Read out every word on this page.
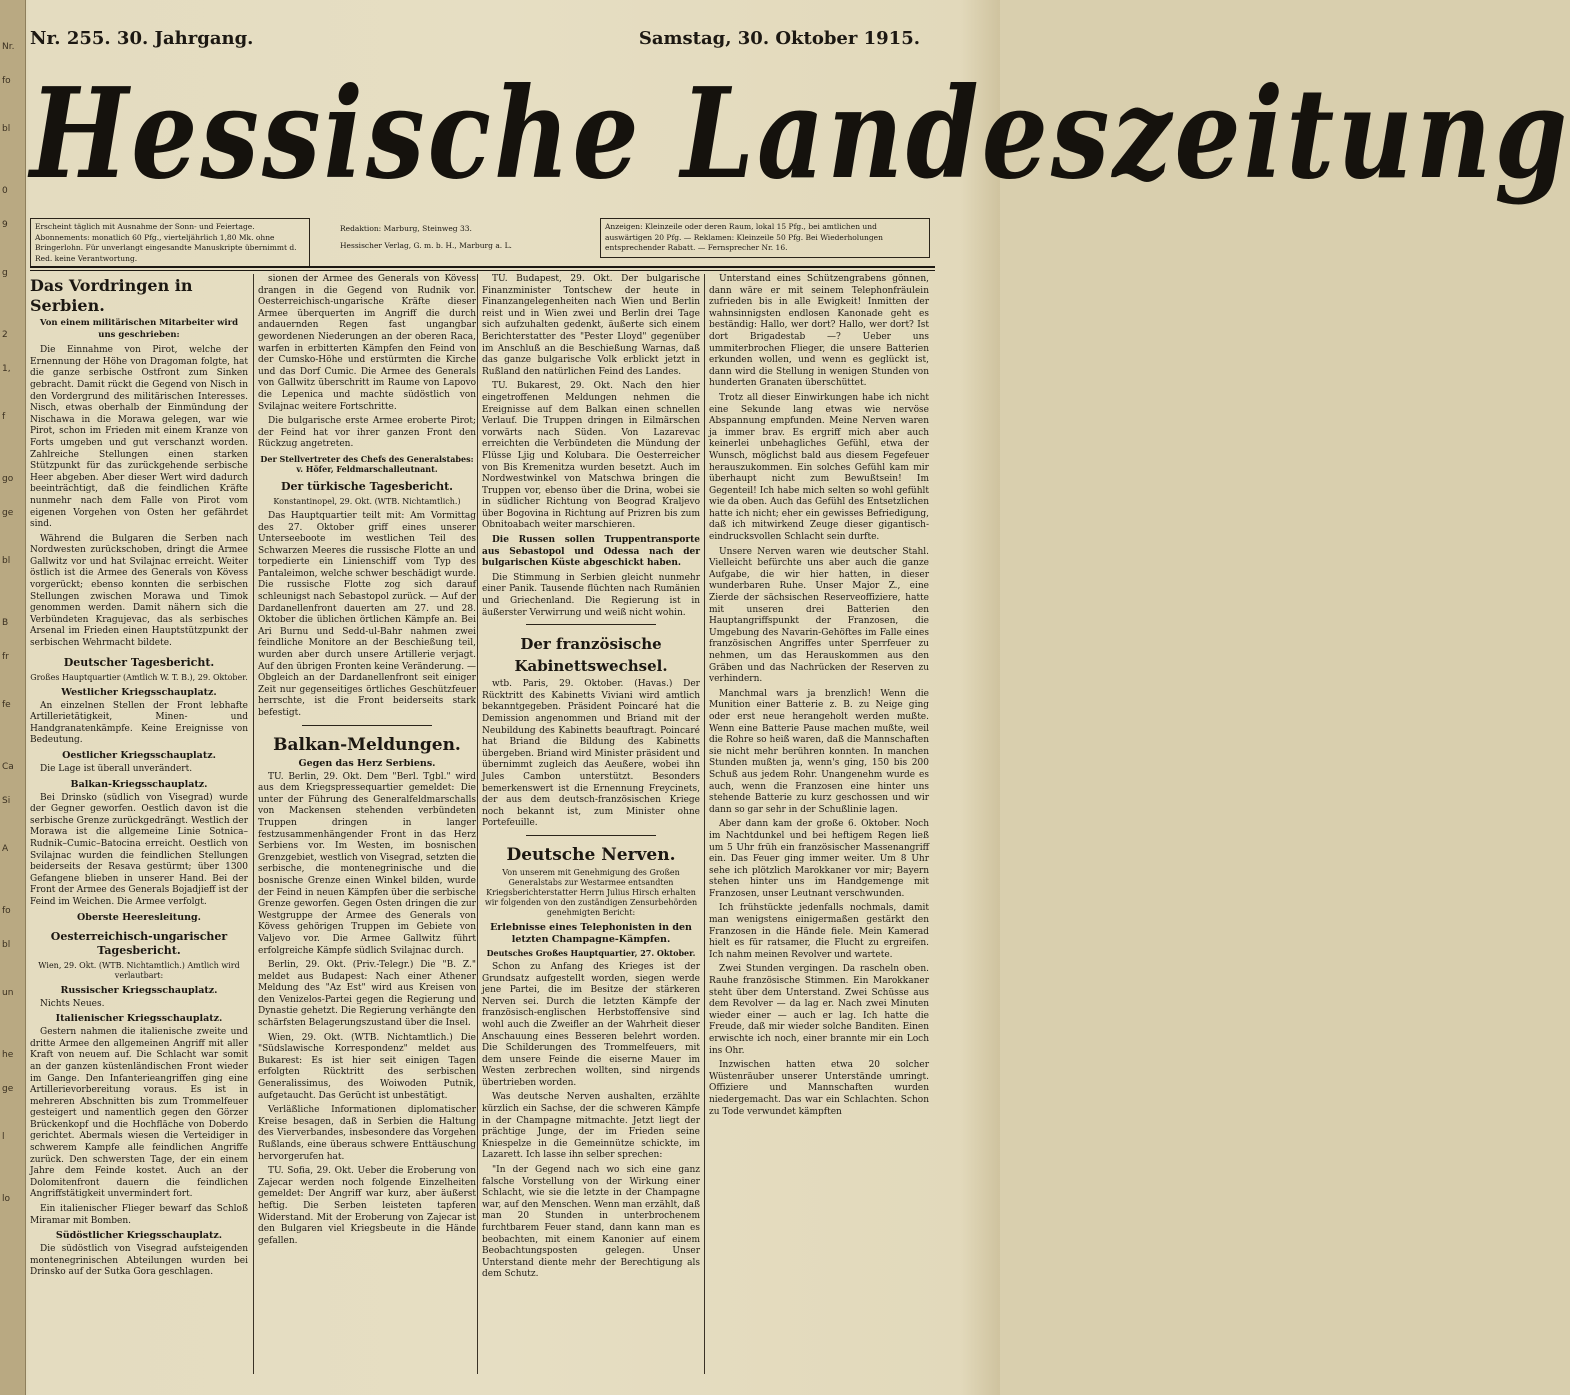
Nr.
fo
bl
0
9
g
2
1,
f
go
ge
bl
B
fr
fe
Ca
Si
A
fo
bl
un
he
ge
l
lo
Nr. 255. 30. Jahrgang.	Samstag, 30. Oktober 1915.
Hessische Landeszeitung
Erscheint täglich mit Ausnahme der Sonn- und Feiertage. Abonnements: monatlich 60 Pfg., vierteljährlich 1,80 Mk. ohne Bringerlohn. Für unverlangt eingesandte Manuskripte übernimmt d. Red. keine Verantwortung.
Redaktion: Marburg, Steinweg 33.
Hessischer Verlag, G. m. b. H., Marburg a. L.
Anzeigen: Kleinzeile oder deren Raum, lokal 15 Pfg., bei amtlichen und auswärtigen 20 Pfg. — Reklamen: Kleinzeile 50 Pfg. Bei Wiederholungen entsprechender Rabatt. — Fernsprecher Nr. 16.
Das Vordringen in Serbien.

Von einem militärischen Mitarbeiter wird uns geschrieben:

Die Einnahme von Pirot, welche der Ernennung der Höhe von Dragoman folgte, hat die ganze serbische Ostfront zum Sinken gebracht. Damit rückt die Gegend von Nisch in den Vordergrund des militärischen Interesses. Nisch, etwas oberhalb der Einmündung der Nischawa in die Morawa gelegen, war wie Pirot, schon im Frieden mit einem Kranze von Forts umgeben und gut verschanzt worden. Zahlreiche Stellungen einen starken Stützpunkt für das zurückgehende serbische Heer abgeben. Aber dieser Wert wird dadurch beeinträchtigt, daß die feindlichen Kräfte nunmehr nach dem Falle von Pirot vom eigenen Vorgehen von Osten her gefährdet sind.

Während die Bulgaren die Serben nach Nordwesten zurückschoben, dringt die Armee Gallwitz vor und hat Svilajnac erreicht. Weiter östlich ist die Armee des Generals von Kövess vorgerückt; ebenso konnten die serbischen Stellungen zwischen Morawa und Timok genommen werden. Damit nähern sich die Verbündeten Kragujevac, das als serbisches Arsenal im Frieden einen Hauptstützpunkt der serbischen Wehrmacht bildete.

Deutscher Tagesbericht.

Großes Hauptquartier (Amtlich W. T. B.), 29. Oktober.

Westlicher Kriegsschauplatz.

An einzelnen Stellen der Front lebhafte Artillerietätigkeit, Minen- und Handgranatenkämpfe. Keine Ereignisse von Bedeutung.

Oestlicher Kriegsschauplatz.

Die Lage ist überall unverändert.

Balkan-Kriegsschauplatz.

Bei Drinsko (südlich von Visegrad) wurde der Gegner geworfen. Oestlich davon ist die serbische Grenze zurückgedrängt. Westlich der Morawa ist die allgemeine Linie Sotnica–Rudnik–Cumic–Batocina erreicht. Oestlich von Svilajnac wurden die feindlichen Stellungen beiderseits der Resava gestürmt; über 1300 Gefangene blieben in unserer Hand. Bei der Front der Armee des Generals Bojadjieff ist der Feind im Weichen. Die Armee verfolgt.

Oberste Heeresleitung.
Oesterreichisch-ungarischer Tagesbericht.

Wien, 29. Okt. (WTB. Nichtamtlich.) Amtlich wird verlautbart:

Russischer Kriegsschauplatz.

Nichts Neues.

Italienischer Kriegsschauplatz.

Gestern nahmen die italienische zweite und dritte Armee den allgemeinen Angriff mit aller Kraft von neuem auf. Die Schlacht war somit an der ganzen küstenländischen Front wieder im Gange. Den Infanterieangriffen ging eine Artillerievorbereitung voraus. Es ist in mehreren Abschnitten bis zum Trommelfeuer gesteigert und namentlich gegen den Görzer Brückenkopf und die Hochfläche von Doberdo gerichtet. Abermals wiesen die Verteidiger in schwerem Kampfe alle feindlichen Angriffe zurück. Den schwersten Tage, der ein einem Jahre dem Feinde kostet. Auch an der Dolomitenfront dauern die feindlichen Angriffstätigkeit unvermindert fort.

Ein italienischer Flieger bewarf das Schloß Miramar mit Bomben.

Südöstlicher Kriegsschauplatz.

Die südöstlich von Visegrad aufsteigenden montenegrinischen Abteilungen wurden bei Drinsko auf der Sutka Gora geschlagen.

sionen der Armee des Generals von Kövess drangen in die Gegend von Rudnik vor. Oesterreichisch-ungarische Kräfte dieser Armee überquerten im Angriff die durch andauernden Regen fast ungangbar gewordenen Niederungen an der oberen Raca, warfen in erbitterten Kämpfen den Feind von der Cumsko-Höhe und erstürmten die Kirche und das Dorf Cumic. Die Armee des Generals von Gallwitz überschritt im Raume von Lapovo die Lepenica und machte südöstlich von Svilajnac weitere Fortschritte.

Die bulgarische erste Armee eroberte Pirot; der Feind hat vor ihrer ganzen Front den Rückzug angetreten.

Der Stellvertreter des Chefs des Generalstabes: v. Höfer, Feldmarschalleutnant.

Der türkische Tagesbericht.

Konstantinopel, 29. Okt. (WTB. Nichtamtlich.)

Das Hauptquartier teilt mit: Am Vormittag des 27. Oktober griff eines unserer Unterseeboote im westlichen Teil des Schwarzen Meeres die russische Flotte an und torpedierte ein Linienschiff vom Typ des Pantaleimon, welche schwer beschädigt wurde. Die russische Flotte zog sich darauf schleunigst nach Sebastopol zurück. — Auf der Dardanellenfront dauerten am 27. und 28. Oktober die üblichen örtlichen Kämpfe an. Bei Ari Burnu und Sedd-ul-Bahr nahmen zwei feindliche Monitore an der Beschießung teil, wurden aber durch unsere Artillerie verjagt. Auf den übrigen Fronten keine Veränderung. — Obgleich an der Dardanellenfront seit einiger Zeit nur gegenseitiges örtliches Geschützfeuer herrschte, ist die Front beiderseits stark befestigt.

Balkan-Meldungen.
Gegen das Herz Serbiens.

TU. Berlin, 29. Okt. Dem "Berl. Tgbl." wird aus dem Kriegspressequartier gemeldet: Die unter der Führung des Generalfeldmarschalls von Mackensen stehenden verbündeten Truppen dringen in langer festzusammenhängender Front in das Herz Serbiens vor. Im Westen, im bosnischen Grenzgebiet, westlich von Visegrad, setzten die serbische, die montenegrinische und die bosnische Grenze einen Winkel bilden, wurde der Feind in neuen Kämpfen über die serbische Grenze geworfen. Gegen Osten dringen die zur Westgruppe der Armee des Generals von Kövess gehörigen Truppen im Gebiete von Valjevo vor. Die Armee Gallwitz führt erfolgreiche Kämpfe südlich Svilajnac durch.

Berlin, 29. Okt. (Priv.-Telegr.) Die "B. Z." meldet aus Budapest: Nach einer Athener Meldung des "Az Est" wird aus Kreisen von den Venizelos-Partei gegen die Regierung und Dynastie gehetzt. Die Regierung verhängte den schärfsten Belagerungszustand über die Insel.

Wien, 29. Okt. (WTB. Nichtamtlich.) Die "Südslawische Korrespondenz" meldet aus Bukarest: Es ist hier seit einigen Tagen erfolgten Rücktritt des serbischen Generalissimus, des Woiwoden Putnik, aufgetaucht. Das Gerücht ist unbestätigt.

Verläßliche Informationen diplomatischer Kreise besagen, daß in Serbien die Haltung des Vierverbandes, insbesondere das Vorgehen Rußlands, eine überaus schwere Enttäuschung hervorgerufen hat.

TU. Sofia, 29. Okt. Ueber die Eroberung von Zajecar werden noch folgende Einzelheiten gemeldet: Der Angriff war kurz, aber äußerst heftig. Die Serben leisteten tapferen Widerstand. Mit der Eroberung von Zajecar ist den Bulgaren viel Kriegsbeute in die Hände gefallen.

TU. Budapest, 29. Okt. Der bulgarische Finanzminister Tontschew der heute in Finanzangelegenheiten nach Wien und Berlin reist und in Wien zwei und Berlin drei Tage sich aufzuhalten gedenkt, äußerte sich einem Berichterstatter des "Pester Lloyd" gegenüber im Anschluß an die Beschießung Warnas, daß das ganze bulgarische Volk erblickt jetzt in Rußland den natürlichen Feind des Landes.

TU. Bukarest, 29. Okt. Nach den hier eingetroffenen Meldungen nehmen die Ereignisse auf dem Balkan einen schnellen Verlauf. Die Truppen dringen in Eilmärschen vorwärts nach Süden. Von Lazarevac erreichten die Verbündeten die Mündung der Flüsse Ljig und Kolubara. Die Oesterreicher von Bis Kremenitza wurden besetzt. Auch im Nordwestwinkel von Matschwa bringen die Truppen vor, ebenso über die Drina, wobei sie in südlicher Richtung von Beograd Kraljevo über Bogovina in Richtung auf Prizren bis zum Obnitoabach weiter marschieren.

Die Russen sollen Truppentransporte aus Sebastopol und Odessa nach der bulgarischen Küste abgeschickt haben.

Die Stimmung in Serbien gleicht nunmehr einer Panik. Tausende flüchten nach Rumänien und Griechenland. Die Regierung ist in äußerster Verwirrung und weiß nicht wohin.

Der französische Kabinettswechsel.

wtb. Paris, 29. Oktober. (Havas.) Der Rücktritt des Kabinetts Viviani wird amtlich bekanntgegeben. Präsident Poincaré hat die Demission angenommen und Briand mit der Neubildung des Kabinetts beauftragt. Poincaré hat Briand die Bildung des Kabinetts übergeben. Briand wird Minister präsident und übernimmt zugleich das Aeußere, wobei ihn Jules Cambon unterstützt. Besonders bemerkenswert ist die Ernennung Freycinets, der aus dem deutsch-französischen Kriege noch bekannt ist, zum Minister ohne Portefeuille.

Deutsche Nerven.

Von unserem mit Genehmigung des Großen Generalstabs zur Westarmee entsandten Kriegsberichterstatter Herrn Julius Hirsch erhalten wir folgenden von den zuständigen Zensurbehörden genehmigten Bericht:

Erlebnisse eines Telephonisten in den letzten Champagne-Kämpfen.

Deutsches Großes Hauptquartier, 27. Oktober.

Schon zu Anfang des Krieges ist der Grundsatz aufgestellt worden, siegen werde jene Partei, die im Besitze der stärkeren Nerven sei. Durch die letzten Kämpfe der französisch-englischen Herbstoffensive sind wohl auch die Zweifler an der Wahrheit dieser Anschauung eines Besseren belehrt worden. Die Schilderungen des Trommelfeuers, mit dem unsere Feinde die eiserne Mauer im Westen zerbrechen wollten, sind nirgends übertrieben worden.

Was deutsche Nerven aushalten, erzählte kürzlich ein Sachse, der die schweren Kämpfe in der Champagne mitmachte. Jetzt liegt der prächtige Junge, der im Frieden seine Kniespelze in die Gemeinnütze schickte, im Lazarett. Ich lasse ihn selber sprechen:

"In der Gegend nach wo sich eine ganz falsche Vorstellung von der Wirkung einer Schlacht, wie sie die letzte in der Champagne war, auf den Menschen. Wenn man erzählt, daß man 20 Stunden in unterbrochenem furchtbarem Feuer stand, dann kann man es beobachten, mit einem Kanonier auf einem Beobachtungsposten gelegen. Unser Unterstand diente mehr der Berechtigung als dem Schutz.

Unterstand eines Schützengrabens gönnen, dann wäre er mit seinem Telephonfräulein zufrieden bis in alle Ewigkeit! Inmitten der wahnsinnigsten endlosen Kanonade geht es beständig: Hallo, wer dort? Hallo, wer dort? Ist dort Brigadestab —? Ueber uns ummiterbrochen Flieger, die unsere Batterien erkunden wollen, und wenn es geglückt ist, dann wird die Stellung in wenigen Stunden von hunderten Granaten überschüttet.

Trotz all dieser Einwirkungen habe ich nicht eine Sekunde lang etwas wie nervöse Abspannung empfunden. Meine Nerven waren ja immer brav. Es ergriff mich aber auch keinerlei unbehagliches Gefühl, etwa der Wunsch, möglichst bald aus diesem Fegefeuer herauszukommen. Ein solches Gefühl kam mir überhaupt nicht zum Bewußtsein! Im Gegenteil! Ich habe mich selten so wohl gefühlt wie da oben. Auch das Gefühl des Entsetzlichen hatte ich nicht; eher ein gewisses Befriedigung, daß ich mitwirkend Zeuge dieser gigantisch-eindrucksvollen Schlacht sein durfte.

Unsere Nerven waren wie deutscher Stahl. Vielleicht befürchte uns aber auch die ganze Aufgabe, die wir hier hatten, in dieser wunderbaren Ruhe. Unser Major Z., eine Zierde der sächsischen Reserveoffiziere, hatte mit unseren drei Batterien den Hauptangriffspunkt der Franzosen, die Umgebung des Navarin-Gehöftes im Falle eines französischen Angriffes unter Sperrfeuer zu nehmen, um das Herauskommen aus den Gräben und das Nachrücken der Reserven zu verhindern.

Manchmal wars ja brenzlich! Wenn die Munition einer Batterie z. B. zu Neige ging oder erst neue herangeholt werden mußte. Wenn eine Batterie Pause machen mußte, weil die Rohre so heiß waren, daß die Mannschaften sie nicht mehr berühren konnten. In manchen Stunden mußten ja, wenn's ging, 150 bis 200 Schuß aus jedem Rohr. Unangenehm wurde es auch, wenn die Franzosen eine hinter uns stehende Batterie zu kurz geschossen und wir dann so gar sehr in der Schußlinie lagen.

Aber dann kam der große 6. Oktober. Noch im Nachtdunkel und bei heftigem Regen ließ um 5 Uhr früh ein französischer Massenangriff ein. Das Feuer ging immer weiter. Um 8 Uhr sehe ich plötzlich Marokkaner vor mir; Bayern stehen hinter uns im Handgemenge mit Franzosen, unser Leutnant verschwunden.

Ich frühstückte jedenfalls nochmals, damit man wenigstens einigermaßen gestärkt den Franzosen in die Hände fiele. Mein Kamerad hielt es für ratsamer, die Flucht zu ergreifen. Ich nahm meinen Revolver und wartete.

Zwei Stunden vergingen. Da rascheln oben. Rauhe französische Stimmen. Ein Marokkaner steht über dem Unterstand. Zwei Schüsse aus dem Revolver — da lag er. Nach zwei Minuten wieder einer — auch er lag. Ich hatte die Freude, daß mir wieder solche Banditen. Einen erwischte ich noch, einer brannte mir ein Loch ins Ohr.

Inzwischen hatten etwa 20 solcher Wüstenräuber unserer Unterstände umringt. Offiziere und Mannschaften wurden niedergemacht. Das war ein Schlachten. Schon zu Tode verwundet kämpften
